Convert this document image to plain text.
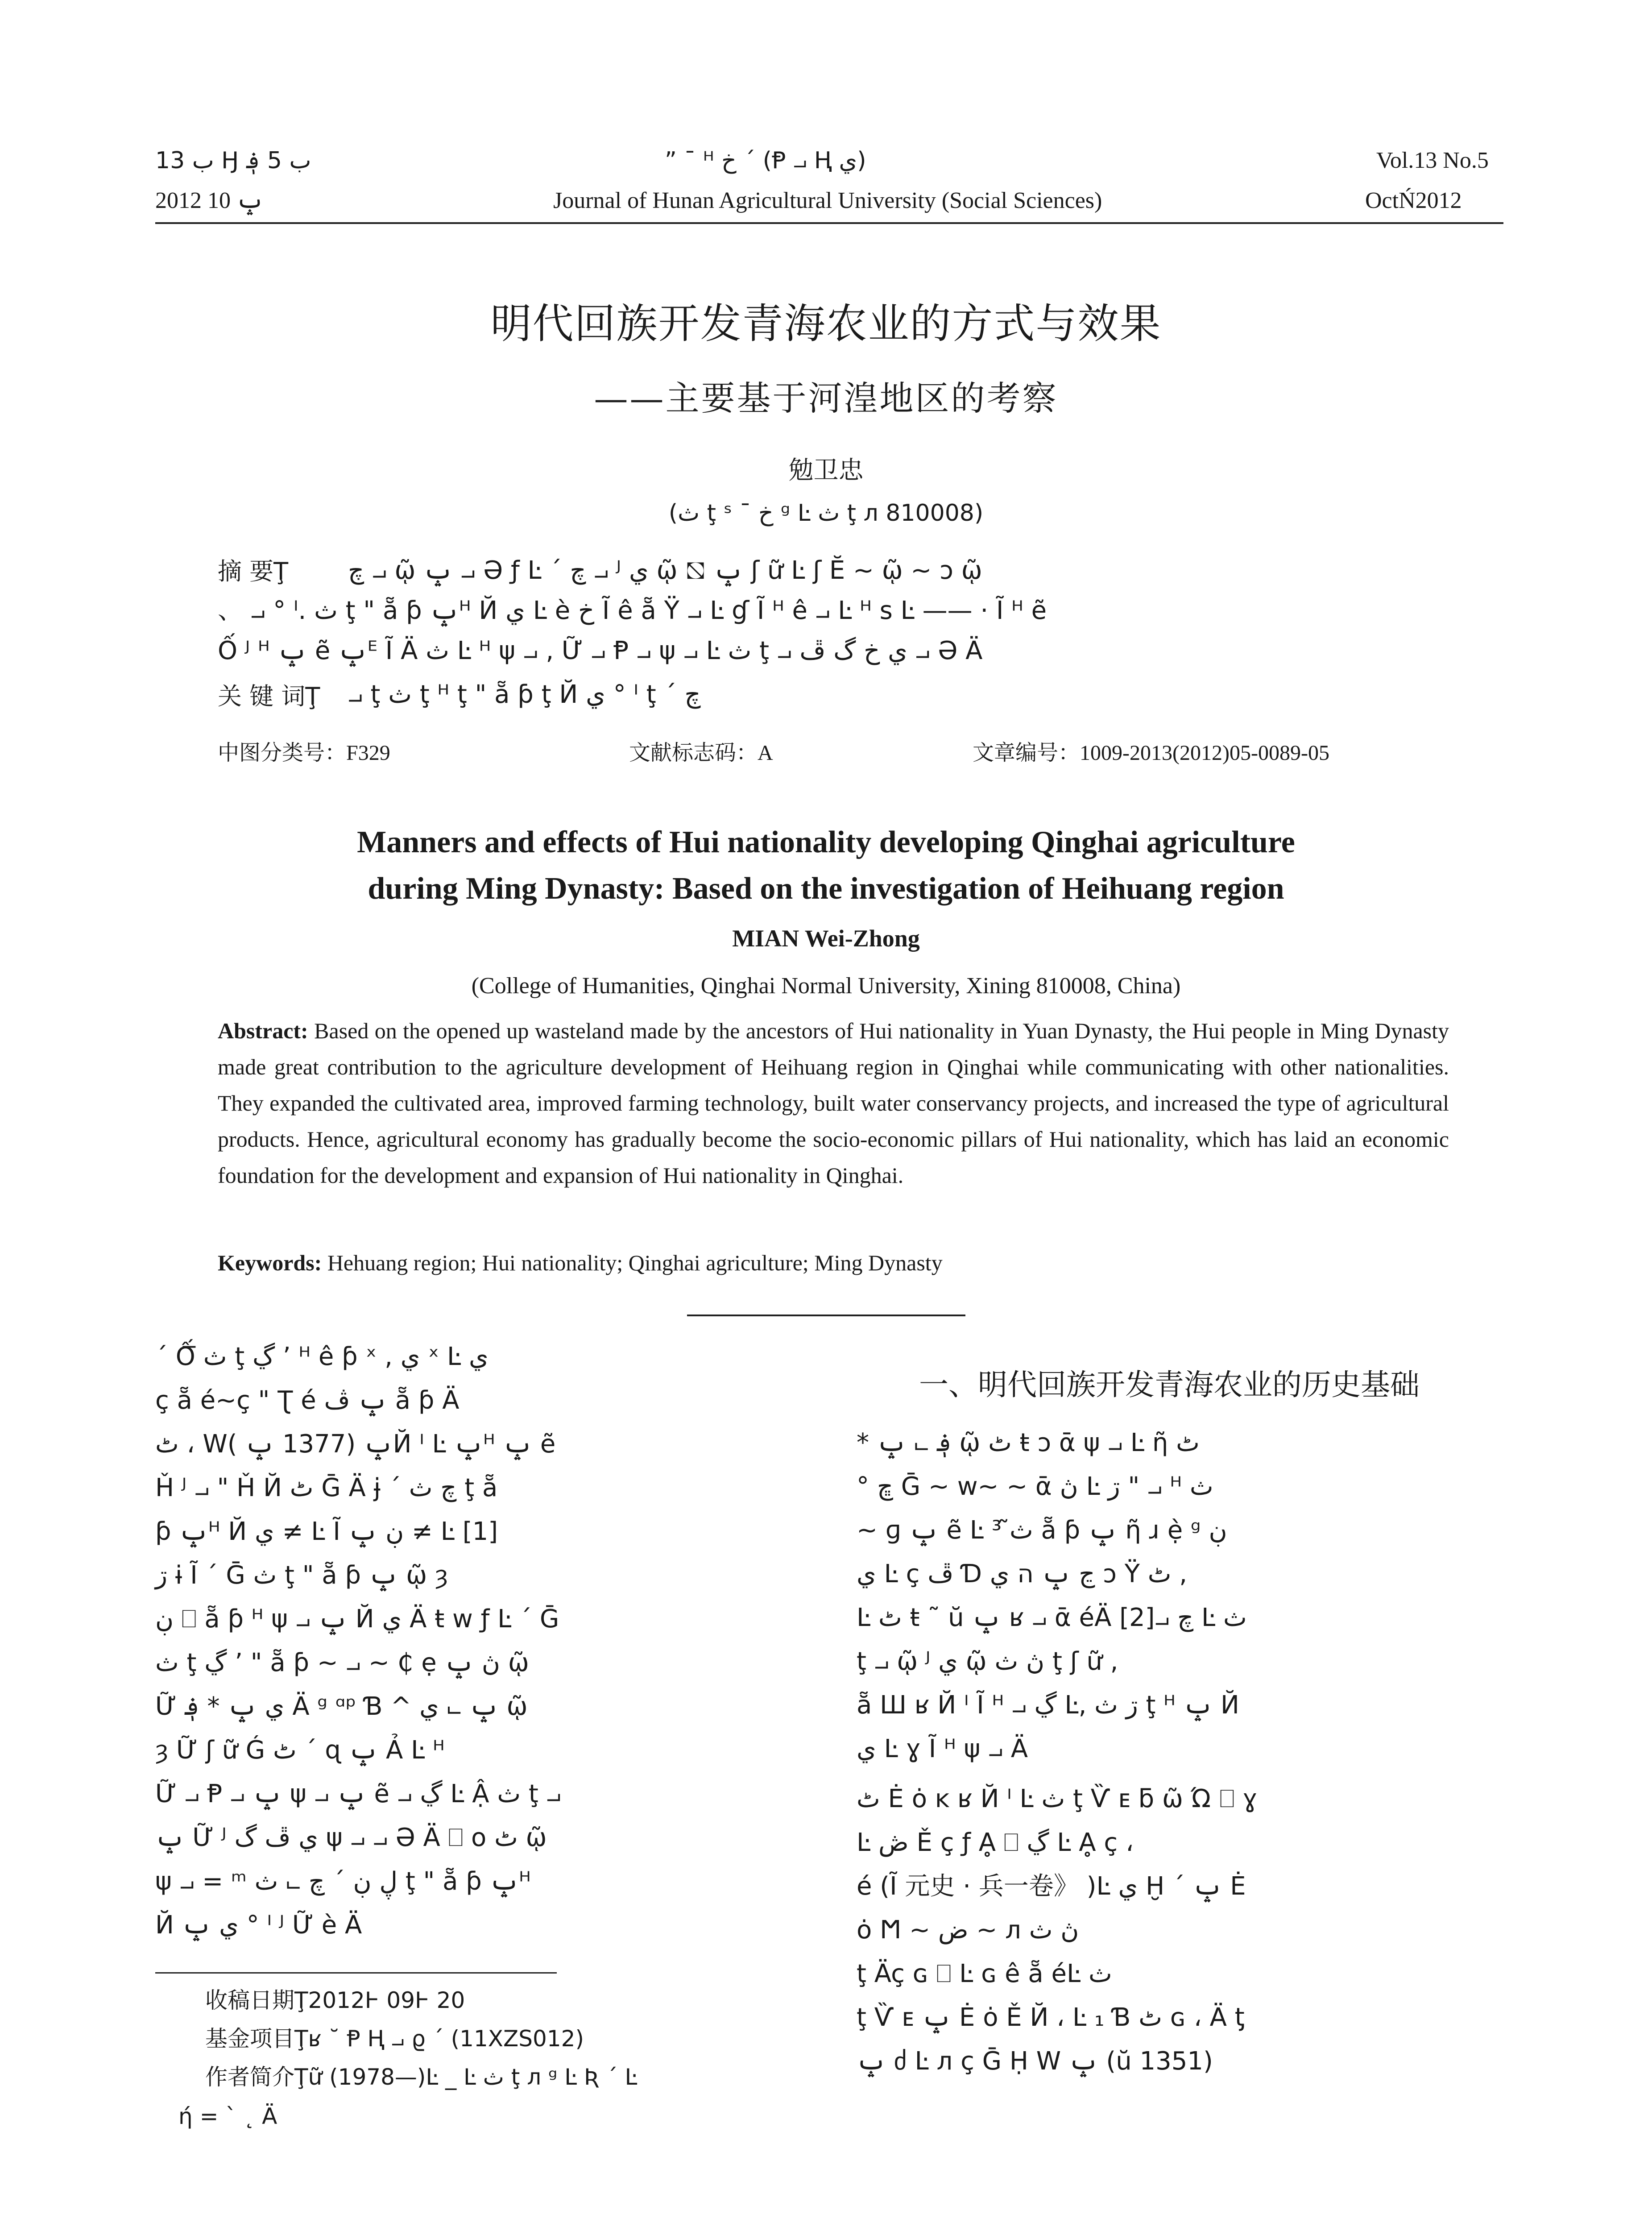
ب 13 Ӈ ب 5 ؋
2012 ݒ 10
” ¯ ᴴ خ ´ (Ᵽ ⨼ Ⱨ ي)
Journal of Hunan Agricultural University (Social Sciences)
Vol.13 No.5
OctŃ2012
明代回族开发青海农业的方式与效果
——主要基于河湟地区的考察
勉卫忠
(ث ţ ˢ ˉ خ ᵍ Ŀ ث ţ л 810008)
摘 要Ţ چ ⨼ ῷ ݒ ⨼ Ə ƒ Ŀ ´ چ ⨼ ᴶ ي ῷ ⛞ ݒ ʃ ữ Ŀ ʃ Ĕ ~ ῷ ~ ɔ ῷ
、 ⨼ ° ᴵ. ث ţ " ẵ ƥ ݒᴴ Й ي Ŀ è خ Ĩ ê ẵ Ÿ ⨼ Ŀ ɠ Ĩ ᴴ ê ⨼ Ŀ ᴴ ѕ Ŀ —— · Ĩ ᴴ ẽ
Ố ᴶ ᴴ ݒ ẽ ݒᴱ Ĩ Ä ث Ŀ ᴴ ψ ⨼ , Ữ ⨼ Ᵽ ⨼ ψ ⨼ Ŀ ث ţ ⨼ ي خ گ ڦ ⨼ Ə Ä
关 键 词Ţ ⨼ ţ ث ţ ᴴ ţ " ẵ ƥ ţ Й ي ° ᴵ ţ ´ چ
中图分类号：F329	文献标志码：A	文章编号：1009-2013(2012)05-0089-05
Manners and effects of Hui nationality developing Qinghai agriculture
during Ming Dynasty: Based on the investigation of Heihuang region
MIAN Wei-Zhong
(College of Humanities, Qinghai Normal University, Xining 810008, China)
Abstract: Based on the opened up wasteland made by the ancestors of Hui nationality in Yuan Dynasty, the Hui people in Ming Dynasty made great contribution to the agriculture development of Heihuang region in Qinghai while communicating with other nationalities. They expanded the cultivated area, improved farming technology, built water conservancy projects, and increased the type of agricultural products. Hence, agricultural economy has gradually become the socio-economic pillars of Hui nationality, which has laid an economic foundation for the development and expansion of Hui nationality in Qinghai.
Keywords: Hehuang region; Hui nationality; Qinghai agriculture; Ming Dynasty
´ Ố̅ ث ţ ڲ ʼ ᴴ ê ƥ ˣ , ي ˣ Ŀ ي
ç ẵ é~ç " Ʈ é ݒ ڤ ẵ ƥ Ä
ٹ ، Wݒ (1377 ݒ )Й ᴵ Ŀ ݒᴴ ݒ ẽ
Ȟ ᴶ ⨼ " Ȟ Й ٹ Ḡ Ä ɉ ´ چ ث ţ ẵ
ƥ ݒᴴ Й ي ≠ Ŀ Ĩ ڹ ݒ ≠ Ŀ [1]
ڗ ɨ Ĩ ´ Ḡ ث ţ " ẵ ƥ ݒ ῷ ȝ
ڹ ⎕ ẵ ƥ ᴴ ψ ⨼ ݒ Й ي Ä ŧ w ƒ Ŀ ´ Ḡ
ث ţ ڲ ʼ " ẵ ƥ ~ ⨼ ~ ₵ ẹ ڽ ݒ ῷ
Ữ ي ݒ * ؋ Ä ᵍ ᵅᵖ Ɓ ^ ݒ ⨼ ي ῷ
ȝ Ữ ʃ ữ Ǵ ٹ ´ ɋ ݒ Ả Ŀ ᴴ
Ữ ⨼ Ᵽ ⨼ ݒ ψ ⨼ ݒ ẽ ⨼ ڲ Ŀ Ậ ث ţ ⨼
ݒ Ữ ᴶ ي ڦ گ ψ ⨼ ⨼ Ə Ä ⎕ o ٹ ῷ
ψ ⨼ = ᵐ ڸ ڹ ´ چ ⨼ ث ţ " ẵ ƥ ݒᴴ
Й ي ݒ ° ᴵ ᴶ Ữ è Ä
收稿日期Ţ2012Ⱶ 09Ⱶ 20
基金项目Ţʁ ˘ Ᵽ Ⱨ ⨼ ϱ ´ (11XZS012)
作者简介Ţữ (1978—)Ŀ _ Ŀ ث ţ л ᵍ Ŀ Ʀ ´ Ŀ
ή = ˋ ˛ Ä
一、明代回族开发青海农业的历史基础
* ؋ ⨼ ݒ ῷ ٹ ŧ ɔ ᾱ ψ ⨼ Ŀ ῆ ٹ
° ڇ Ḡ ~ w~ ~ ᾱ ڽ Ŀ ڗ " ⨼ ᴴ ث
~ ɡ ݒ ẽ Ŀ ³ ث̃ ẵ ƥ ݒ ῆ ɹ ẹ̀ ᵍ ڹ
ي Ŀ ç ڦ Ɗ ڃ ݒ ה ي ɔ Ÿ ٹ ,
Ŀ ٹ ŧ ˜ ŭ ݒ ʁ ⨼ ᾱ éÄ [2]⨼ چ Ŀ ث
ţ ⨼ ῷ ᴶ ي ῷ ڽ ث ţ ʃ ữ ,
ẵ Ш ʁ Й ᴵ Ĩ ᴴ ⨼ ڲ Ŀ, ڗ ث ţ ᴴ ݒ Й
ي Ŀ ɣ Ĩ ᴴ ψ ⨼ Ä
ٹ Ė ȯ ĸ ʁ Й ᴵ Ŀ ث ţ Ѷ ᴇ ƃ ῶ Ώ ⎕ ɣ
Ŀ ڞ Ě ç ƒ Ḁ ⎕ ڲ Ŀ Ḁ ç ،
é (Ĩ 元史 · 兵一卷》 )Ŀ ي Ḫ ´ ݒ Ė
ȯ Ϻ ~ ض ~ л ڽ ث
ţ Äç ɢ ⎕ Ŀ ɢ ê ẵ éĿ ث
ţ Ѷ ᴇ ݒ Ė ȯ Ě Й ، Ŀ ₁ Ɓ ٹ ɢ ، Ä ƫ
ݒ ძ Ŀ л ç Ḡ Ḥ W ݒ (ŭ 1351)
